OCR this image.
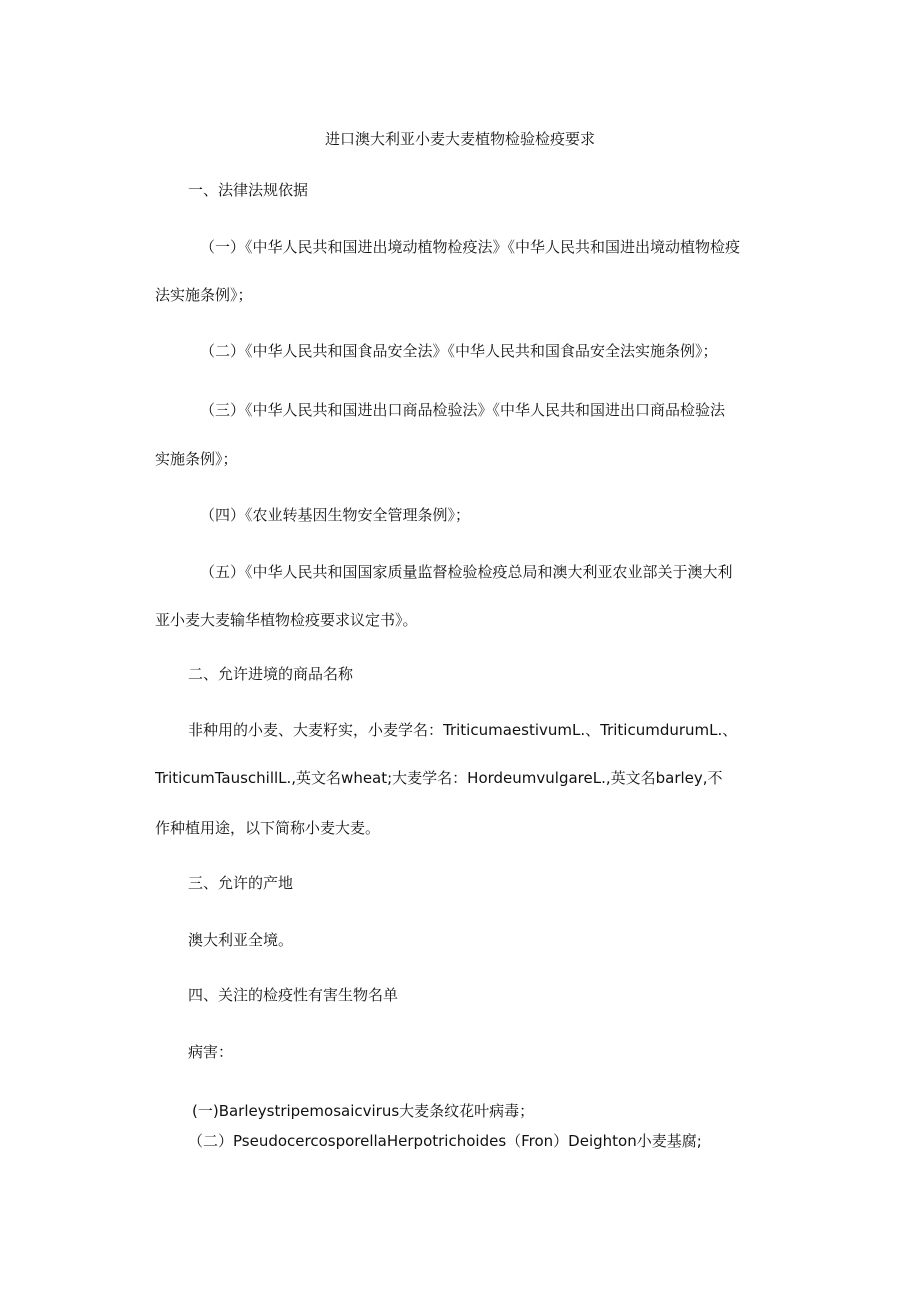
进口澳大利亚小麦大麦植物检验检疫要求
一、法律法规依据
（一）《中华人民共和国进出境动植物检疫法》《中华人民共和国进出境动植物检疫
法实施条例》；
（二）《中华人民共和国食品安全法》《中华人民共和国食品安全法实施条例》；
（三）《中华人民共和国进出口商品检验法》《中华人民共和国进出口商品检验法
实施条例》；
（四）《农业转基因生物安全管理条例》；
（五）《中华人民共和国国家质量监督检验检疫总局和澳大利亚农业部关于澳大利
亚小麦大麦输华植物检疫要求议定书》。
二、允许进境的商品名称
非种用的小麦、大麦籽实，小麦学名：TriticumaestivumL.、TriticumdurumL.、
TriticumTauschillL.,英文名wheat;大麦学名：HordeumvulgareL.,英文名barley,不
作种植用途，以下简称小麦大麦。
三、允许的产地
澳大利亚全境。
四、关注的检疫性有害生物名单
病害：
(一)Barleystripemosaicvirus大麦条纹花叶病毒；
（二）PseudocercosporellaHerpotrichoides（Fron）Deighton小麦基腐;
